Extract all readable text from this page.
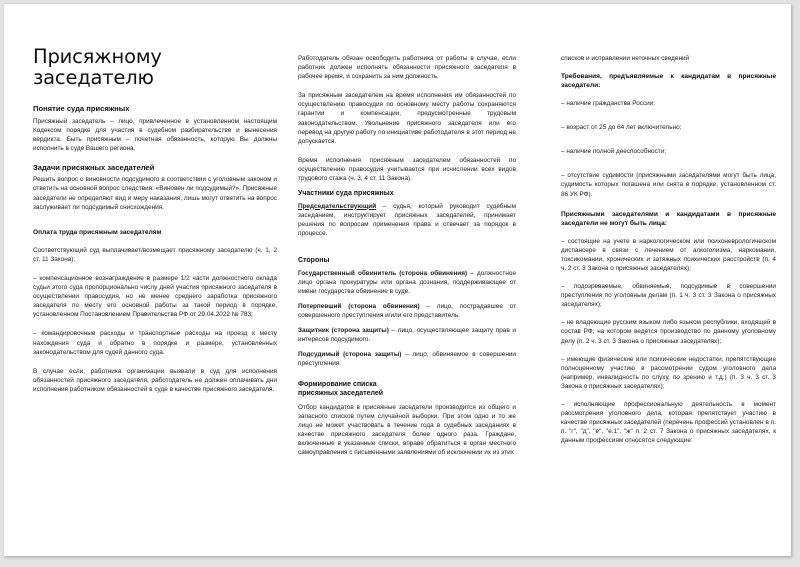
Присяжному
заседателю
Понятие суда присяжных

Присяжный заседатель – лицо, привлеченное в установленном настоящим Кодексом порядке для участия в судебном разбирательстве и вынесения вердикта. Быть присяжным – почетная обязанность, которую Вы должны исполнить в суде Вашего региона.

Задачи присяжных заседателей

Решить вопрос о виновности подсудимого в соответствии с уголовным законом и ответить на основной вопрос следствия: «Виновен ли подсудимый?». Присяжные заседатели не определяют вид и меру наказания, лишь могут ответить на вопрос заслуживает ли подсудимый снисхождения.

Оплата труда присяжным заседателям

Соответствующий суд выплачивает/возмещает присяжному заседателю (ч. 1, 2 ст. 11 Закона):

– компенсационное вознаграждение в размере 1/2 части должностного оклада судьи этого суда пропорционально числу дней участия присяжного заседателя в осуществлении правосудия, но не менее среднего заработка присяжного заседателя по месту его основной работы за такой период в порядке, установленном Постановлением Правительства РФ от 29.04.2022 № 783;

– командировочные расходы и транспортные расходы на проезд к месту нахождения суда и обратно в порядке и размере, установленных законодательством для судей данного суда.

В случае если, работника организации вызвали в суд для исполнения обязанностей присяжного заседателя, работодатель не должен оплачивать дни исполнения работником обязанностей в суде в качестве присяжного заседателя.

Работодатель обязан освободить работника от работы в случае, если работник должен исполнять обязанности присяжного заседателя в рабочее время, и сохранить за ним должность.

За присяжным заседателем на время исполнения им обязанностей по осуществлению правосудия по основному месту работы сохраняются гарантии и компенсации, предусмотренные трудовым законодательством. Увольнение присяжного заседателя или его перевод на другую работу по инициативе работодателя в этот период не допускается.

Время исполнения присяжным заседателем обязанностей по осуществлению правосудия учитывается при исчислении всех видов трудового стажа (ч. 3, 4 ст. 11 Закона).

Участники суда присяжных

Председательствующий – судья, который руководит судебным заседанием, инструктирует присяжных заседателей, принимает решения по вопросам применения права и отвечает за порядок в процессе.

Стороны

Государственный обвинитель (сторона обвинения) – должностное лицо органа прокуратуры или органа дознания, поддерживающее от имени государства обвинение в суде.

Потерпевший (сторона обвинения) – лицо, пострадавшее от совершенного преступления и/или его представитель.

Защитник (сторона защиты) – лицо, осуществляющее защиту прав и интересов подсудимого.

Подсудимый (сторона защиты) – лицо, обвиняемое в совершении преступления.

Формирование списка
присяжных заседателей

Отбор кандидатов в присяжные заседатели производится из общего и запасного списков путем случайной выборки. При этом одно и то же лицо не может участвовать в течение года в судебных заседаниях в качестве присяжного заседателя более одного раза. Граждане, включенные в указанные списки, вправе обратиться в орган местного самоуправления с письменными заявлениями об исключении их из этих

списков и исправлении неточных сведений

Требования, предъявляемые к кандидатам в присяжные заседатели:

– наличие гражданства России;

– возраст от 25 до 64 лет включительно;

– наличие полной дееспособности;

– отсутствие судимости (присяжными заседателями могут быть лица, судимость которых погашена или снята в порядке, установленном ст. 86 УК РФ).

Присяжными заседателями и кандидатами в присяжные заседатели не могут быть лица:

– состоящие на учете в наркологическом или психоневрологическом диспансере в связи с лечением от алкоголизма, наркомании, токсикомании, хронических и затяжных психических расстройств (п. 4 ч. 2 ст. 3 Закона о присяжных заседателях);

– подозреваемые, обвиняемые, подсудимые в совершении преступления по уголовным делам (п. 1 ч. 3 ст. 3 Закона о присяжных заседателях);

– не владеющие русским языком либо языком республики, входящей в состав РФ, на котором ведется производство по данному уголовному делу (п. 2 ч. 3 ст. 3 Закона о присяжных заседателях);

– имеющие физические или психические недостатки, препятствующие полноценному участию в рассмотрении судом уголовного дела (например, инвалидность по слуху, по зрению и т.д.) (п. 3 ч. 3 ст. 3 Закона о присяжных заседателях);

– исполняющие профессиональную деятельность в момент рассмотрения уголовного дела, которая препятствует участию в качестве присяжных заседателей (перечень профессий установлен в п. п. "г", "д", "е", "е.1", "ж" п. 2 ст. 7 Закона о присяжных заседателях, к данным профессиям относятся следующие:
